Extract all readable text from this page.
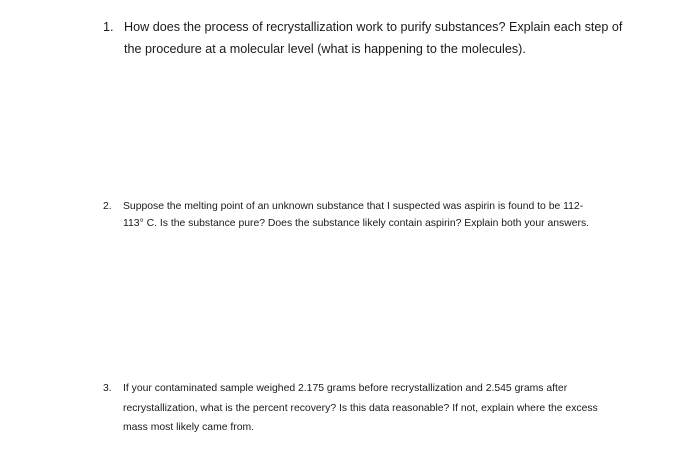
1. How does the process of recrystallization work to purify substances? Explain each step of the procedure at a molecular level (what is happening to the molecules).
2.	Suppose the melting point of an unknown substance that I suspected was aspirin is found to be 112-113° C. Is the substance pure? Does the substance likely contain aspirin? Explain both your answers.
3.	If your contaminated sample weighed 2.175 grams before recrystallization and 2.545 grams after recrystallization, what is the percent recovery? Is this data reasonable? If not, explain where the excess mass most likely came from.
